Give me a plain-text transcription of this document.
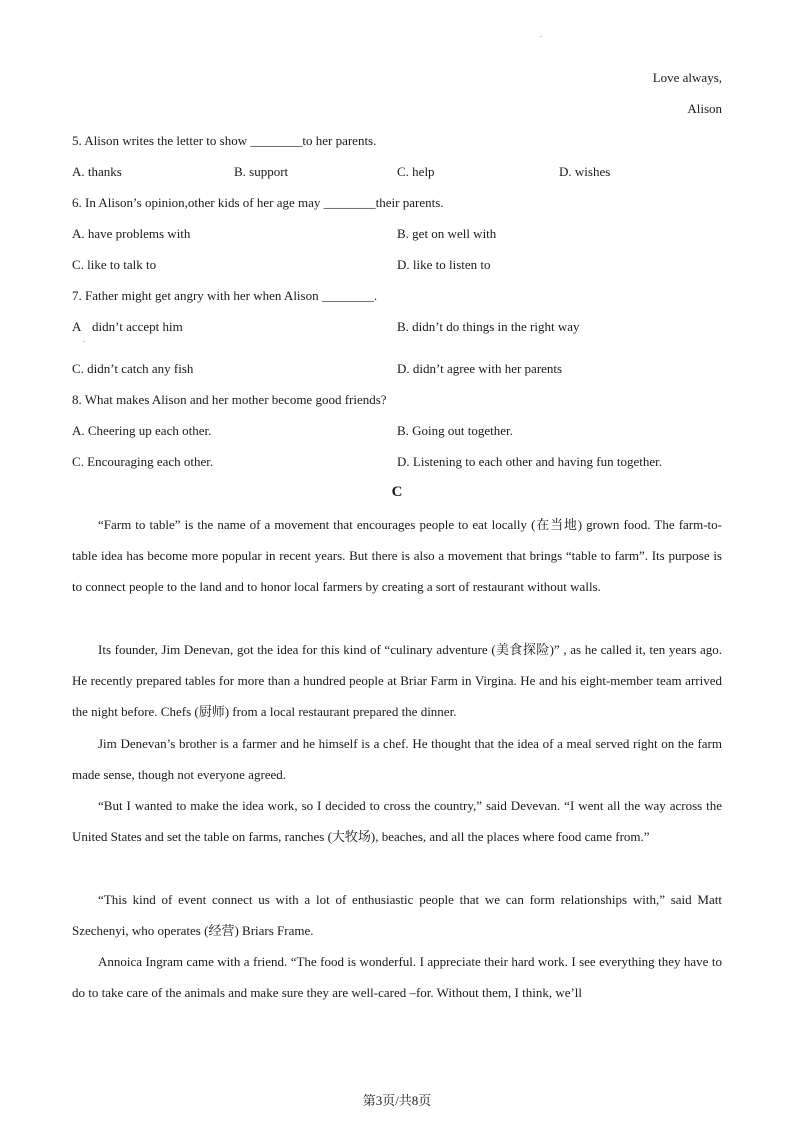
.
Love always,
Alison
5. Alison writes the letter to show ________to her parents.
A. thanks	B. support	C. help	D. wishes
6. In Alison’s opinion,other kids of her age may ________their parents.
A. have problems with	B. get on well with
C. like to talk to	D. like to listen to
7. Father might get angry with her when Alison ________.
A didn’t accept him	B. didn’t do things in the right way
.
C. didn’t catch any fish	D. didn’t agree with her parents
8. What makes Alison and her mother become good friends?
A. Cheering up each other.	B. Going out together.
C. Encouraging each other.	D. Listening to each other and having fun together.
C

“Farm to table” is the name of a movement that encourages people to eat locally (在当地) grown food. The farm-to-table idea has become more popular in recent years. But there is also a movement that brings “table to farm”. Its purpose is to connect people to the land and to honor local farmers by creating a sort of restaurant without walls.

Its founder, Jim Denevan, got the idea for this kind of “culinary adventure (美食探险)” , as he called it, ten years ago. He recently prepared tables for more than a hundred people at Briar Farm in Virgina. He and his eight-member team arrived the night before. Chefs (厨师) from a local restaurant prepared the dinner.

Jim Denevan’s brother is a farmer and he himself is a chef. He thought that the idea of a meal served right on the farm made sense, though not everyone agreed.

“But I wanted to make the idea work, so I decided to cross the country,” said Devevan. “I went all the way across the United States and set the table on farms, ranches (大牧场), beaches, and all the places where food came from.”

“This kind of event connect us with a lot of enthusiastic people that we can form relationships with,” said Matt Szechenyi, who operates (经营) Briars Frame.

Annoica Ingram came with a friend. “The food is wonderful. I appreciate their hard work. I see everything they have to do to take care of the animals and make sure they are well-cared –for. Without them, I think, we’ll

第3页/共8页
